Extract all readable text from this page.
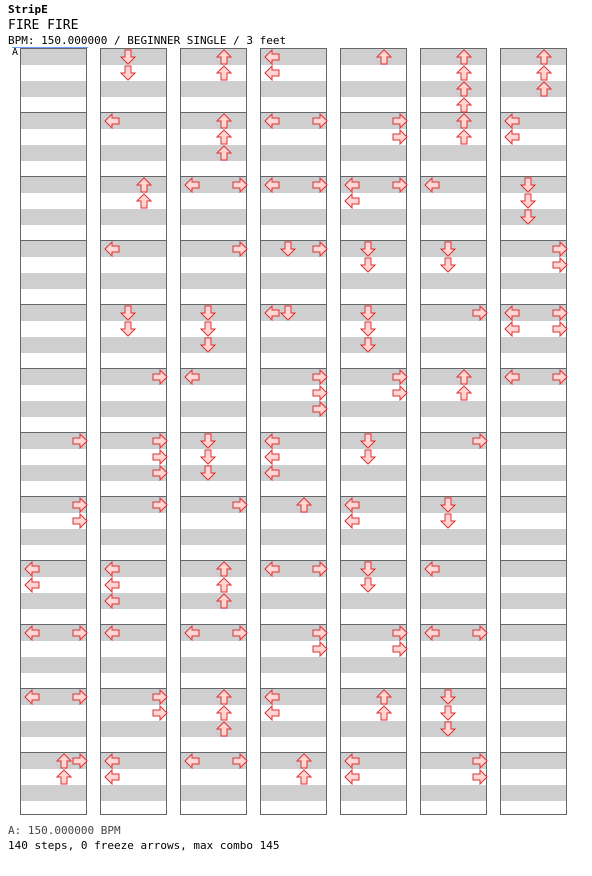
StripE
FIRE FIRE
BPM: 150.000000 / BEGINNER SINGLE / 3 feet
A
A: 150.000000 BPM
140 steps, 0 freeze arrows, max combo 145
